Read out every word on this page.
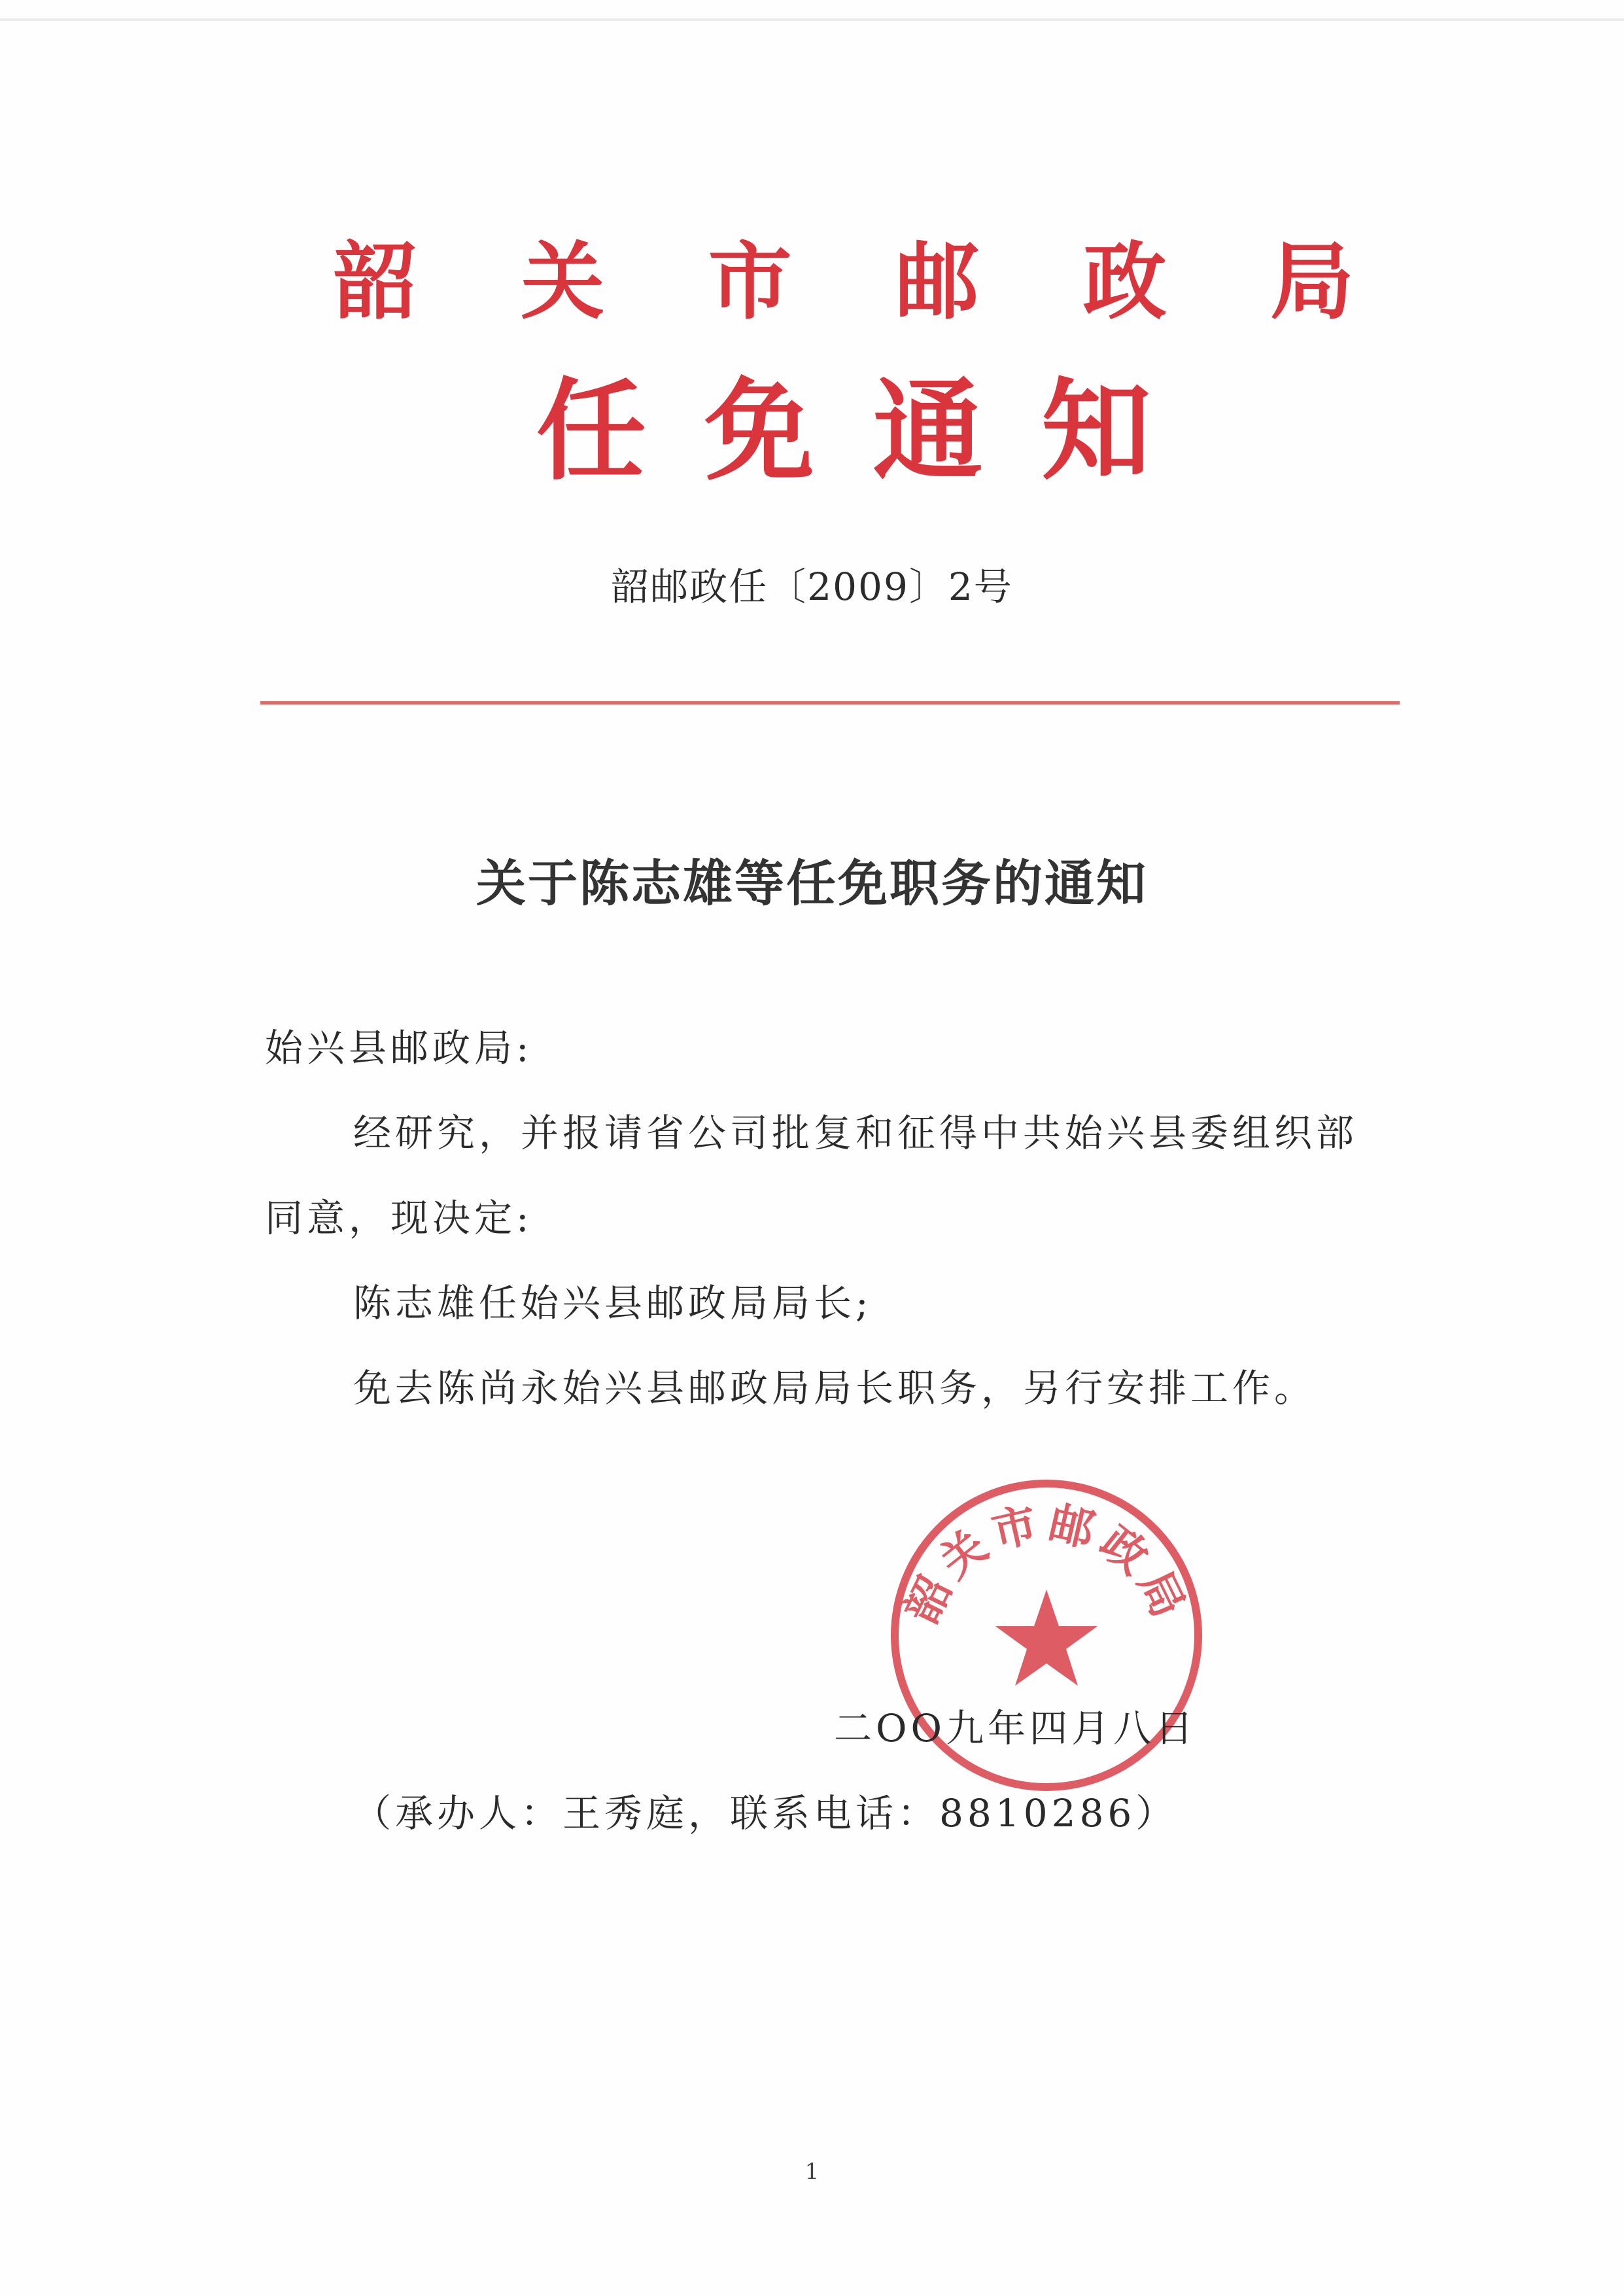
韶 关 市 邮 政 局
任 免 通 知
韶邮政任〔2009〕2号
关于陈志雄等任免职务的通知
始兴县邮政局:
经研究，并报请省公司批复和征得中共始兴县委组织部
同意，现决定:
陈志雄任始兴县邮政局局长;
免去陈尚永始兴县邮政局局长职务，另行安排工作。
韶关市邮政局
二OO九年四月八日
（承办人：王秀庭，联系电话：8810286）
1
